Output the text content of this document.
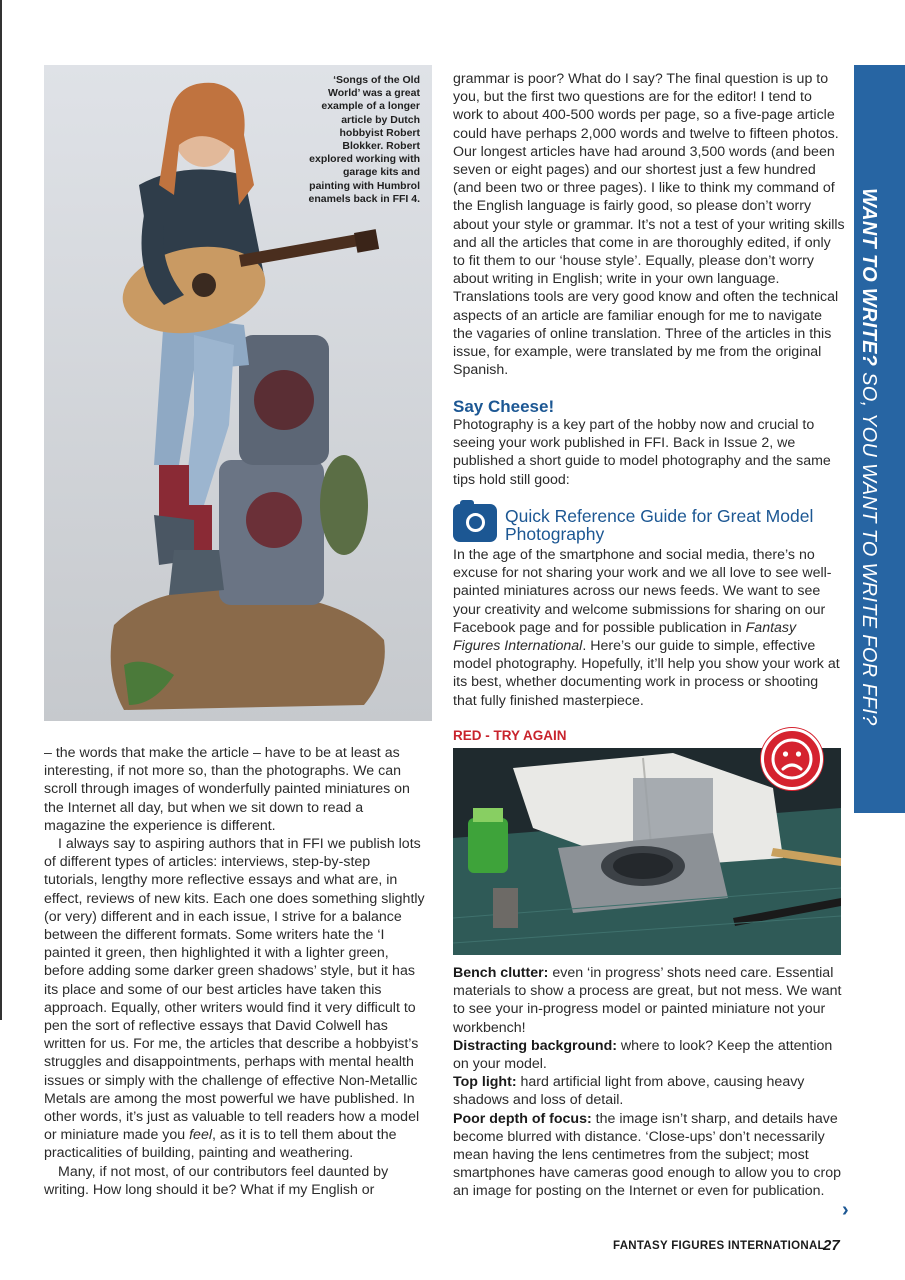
‘Songs of the Old World’ was a great example of a longer article by Dutch hobbyist Robert Blokker. Robert explored working with garage kits and painting with Humbrol enamels back in FFI 4.

– the words that make the article – have to be at least as interesting, if not more so, than the photographs. We can scroll through images of wonderfully painted miniatures on the Internet all day, but when we sit down to read a magazine the experience is different.

I always say to aspiring authors that in FFI we publish lots of different types of articles: interviews, step-by-step tutorials, lengthy more reflective essays and what are, in effect, reviews of new kits. Each one does something slightly (or very) different and in each issue, I strive for a balance between the different formats. Some writers hate the ‘I painted it green, then highlighted it with a lighter green, before adding some darker green shadows’ style, but it has its place and some of our best articles have taken this approach. Equally, other writers would find it very difficult to pen the sort of reflective essays that David Colwell has written for us. For me, the articles that describe a hobbyist’s struggles and disappointments, perhaps with mental health issues or simply with the challenge of effective Non-Metallic Metals are among the most powerful we have published. In other words, it’s just as valuable to tell readers how a model or miniature made you feel, as it is to tell them about the practicalities of building, painting and weathering.

Many, if not most, of our contributors feel daunted by writing. How long should it be? What if my English or

grammar is poor? What do I say? The final question is up to you, but the first two questions are for the editor! I tend to work to about 400-500 words per page, so a five-page article could have perhaps 2,000 words and twelve to fifteen photos. Our longest articles have had around 3,500 words (and been seven or eight pages) and our shortest just a few hundred (and been two or three pages). I like to think my command of the English language is fairly good, so please don’t worry about your style or grammar. It’s not a test of your writing skills and all the articles that come in are thoroughly edited, if only to fit them to our ‘house style’. Equally, please don’t worry about writing in English; write in your own language. Translations tools are very good know and often the technical aspects of an article are familiar enough for me to navigate the vagaries of online translation. Three of the articles in this issue, for example, were translated by me from the original Spanish.

Say Cheese!

Photography is a key part of the hobby now and crucial to seeing your work published in FFI. Back in Issue 2, we published a short guide to model photography and the same tips hold still good:

Quick Reference Guide for Great Model Photography

In the age of the smartphone and social media, there’s no excuse for not sharing your work and we all love to see well-painted miniatures across our news feeds. We want to see your creativity and welcome submissions for sharing on our Facebook page and for possible publication in Fantasy Figures International. Here’s our guide to simple, effective model photography. Hopefully, it’ll help you show your work at its best, whether documenting work in process or shooting that fully finished masterpiece.

RED - TRY AGAIN

Bench clutter: even ‘in progress’ shots need care. Essential materials to show a process are great, but not mess. We want to see your in-progress model or painted miniature not your workbench!

Distracting background: where to look? Keep the attention on your model.

Top light: hard artificial light from above, causing heavy shadows and loss of detail.

Poor depth of focus: the image isn’t sharp, and details have become blurred with distance. ‘Close-ups’ don’t necessarily mean having the lens centimetres from the subject; most smartphones have cameras good enough to allow you to crop an image for posting on the Internet or even for publication.

WANT TO WRITE? SO, YOU WANT TO WRITE FOR FFI?
›
FANTASY FIGURES INTERNATIONAL
27
